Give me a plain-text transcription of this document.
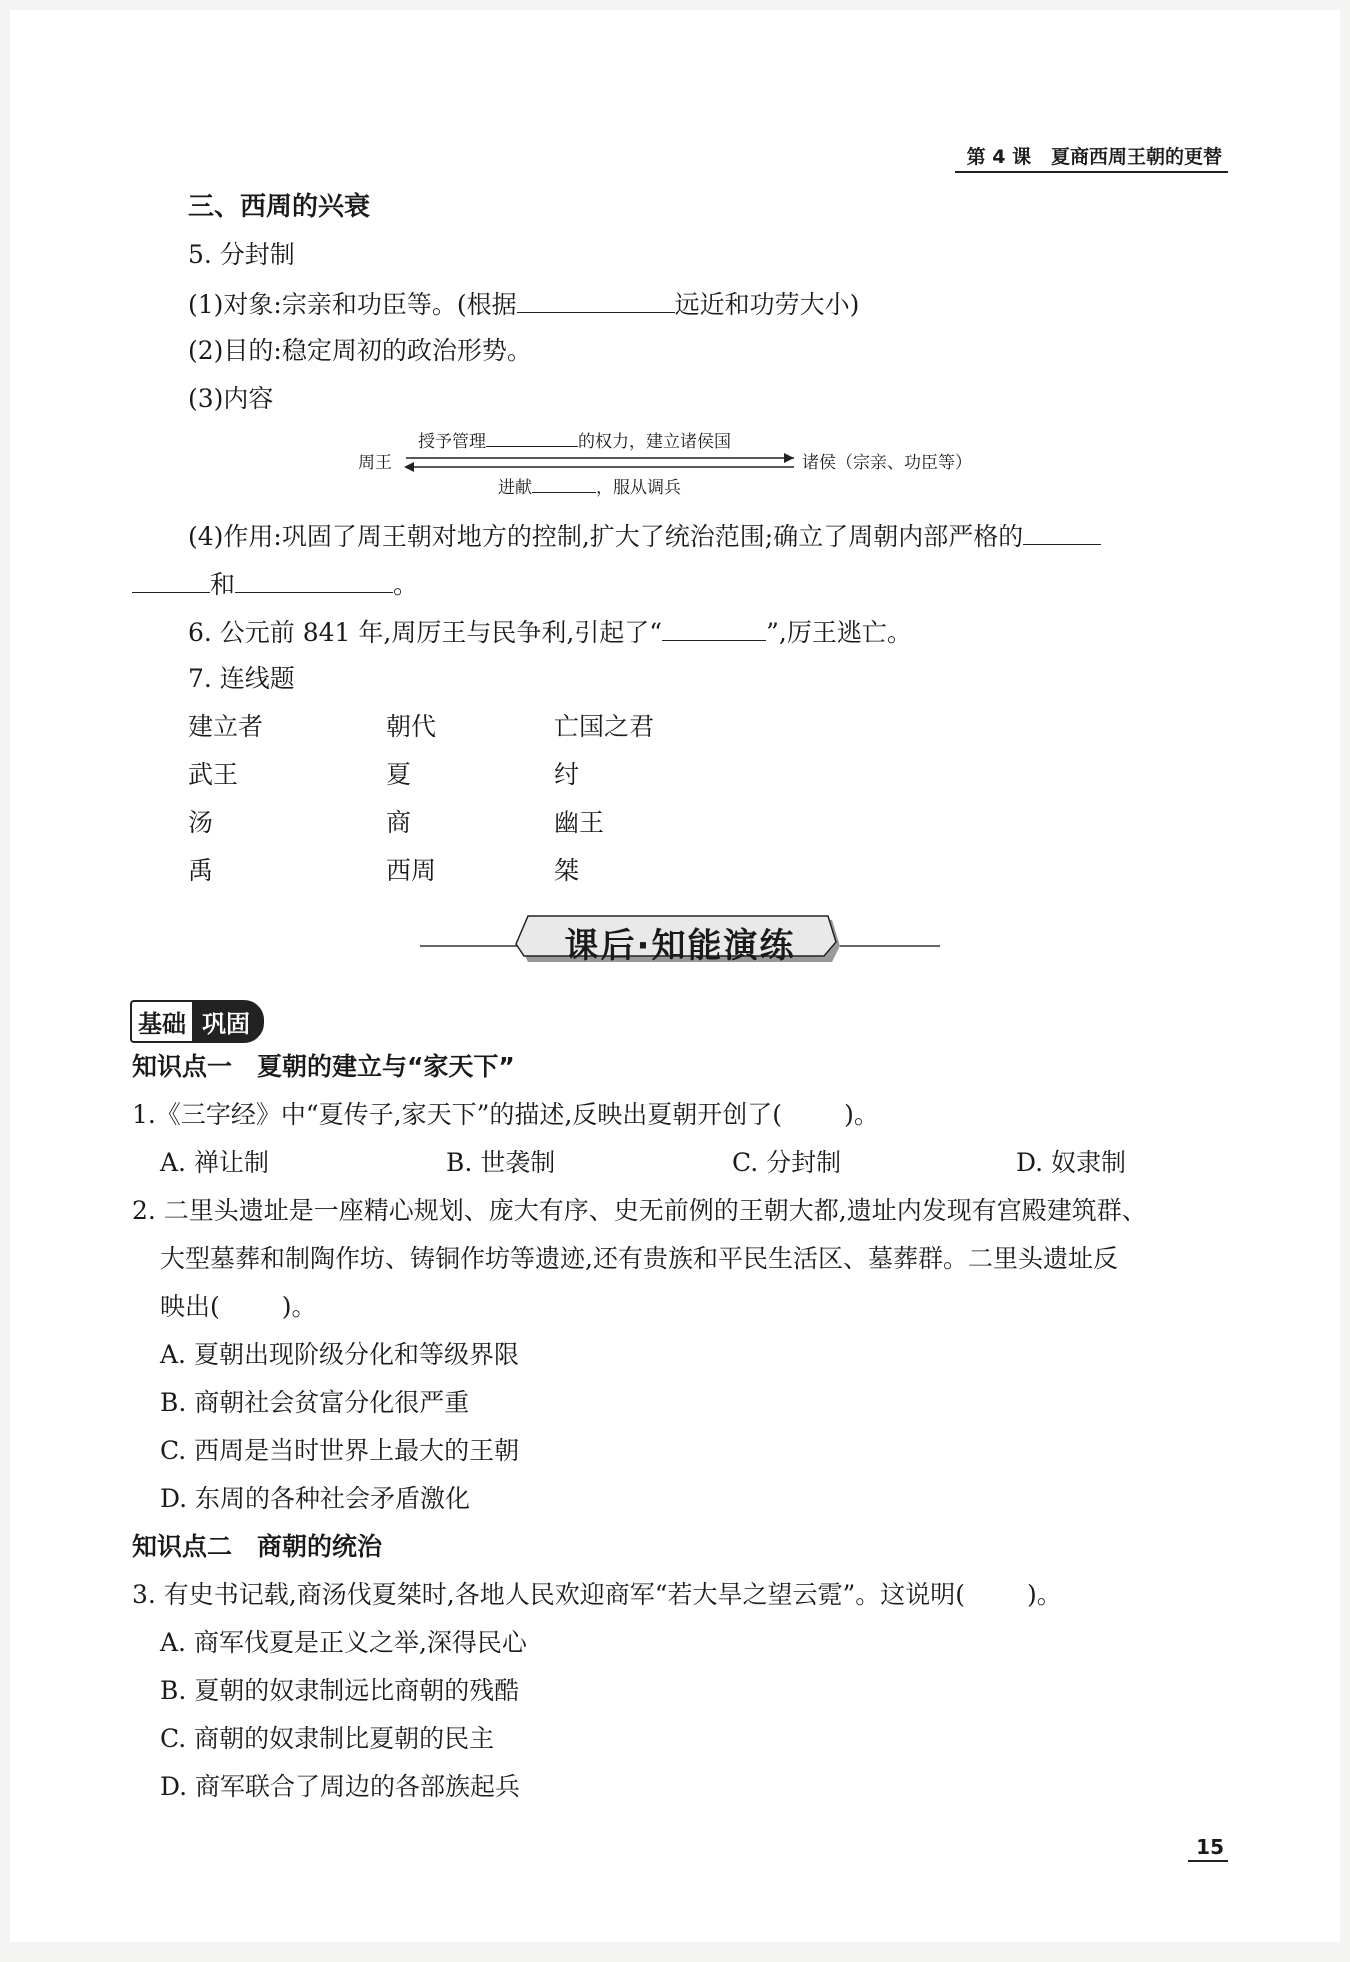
第 4 课 夏商西周王朝的更替
三、西周的兴衰
5. 分封制
(1)对象:宗亲和功臣等。(根据	远近和功劳大小)
(2)目的:稳定周初的政治形势。
(3)内容
授予管理	的权力，建立诸侯国
周王	诸侯（宗亲、功臣等）
进献	，服从调兵
(4)作用:巩固了周王朝对地方的控制,扩大了统治范围;确立了周朝内部严格的
和	。
6. 公元前 841 年,周厉王与民争利,引起了“	”,厉王逃亡。
7. 连线题
建立者	朝代	亡国之君
武王	夏	纣
汤	商	幽王
禹	西周	桀
课后·知能演练
基础 巩固
知识点一　夏朝的建立与“家天下”
1.《三字经》中“夏传子,家天下”的描述,反映出夏朝开创了( )。
A. 禅让制	B. 世袭制	C. 分封制	D. 奴隶制
2. 二里头遗址是一座精心规划、庞大有序、史无前例的王朝大都,遗址内发现有宫殿建筑群、
大型墓葬和制陶作坊、铸铜作坊等遗迹,还有贵族和平民生活区、墓葬群。二里头遗址反
映出( )。
A. 夏朝出现阶级分化和等级界限
B. 商朝社会贫富分化很严重
C. 西周是当时世界上最大的王朝
D. 东周的各种社会矛盾激化
知识点二　商朝的统治
3. 有史书记载,商汤伐夏桀时,各地人民欢迎商军“若大旱之望云霓”。这说明( )。
A. 商军伐夏是正义之举,深得民心
B. 夏朝的奴隶制远比商朝的残酷
C. 商朝的奴隶制比夏朝的民主
D. 商军联合了周边的各部族起兵
15
